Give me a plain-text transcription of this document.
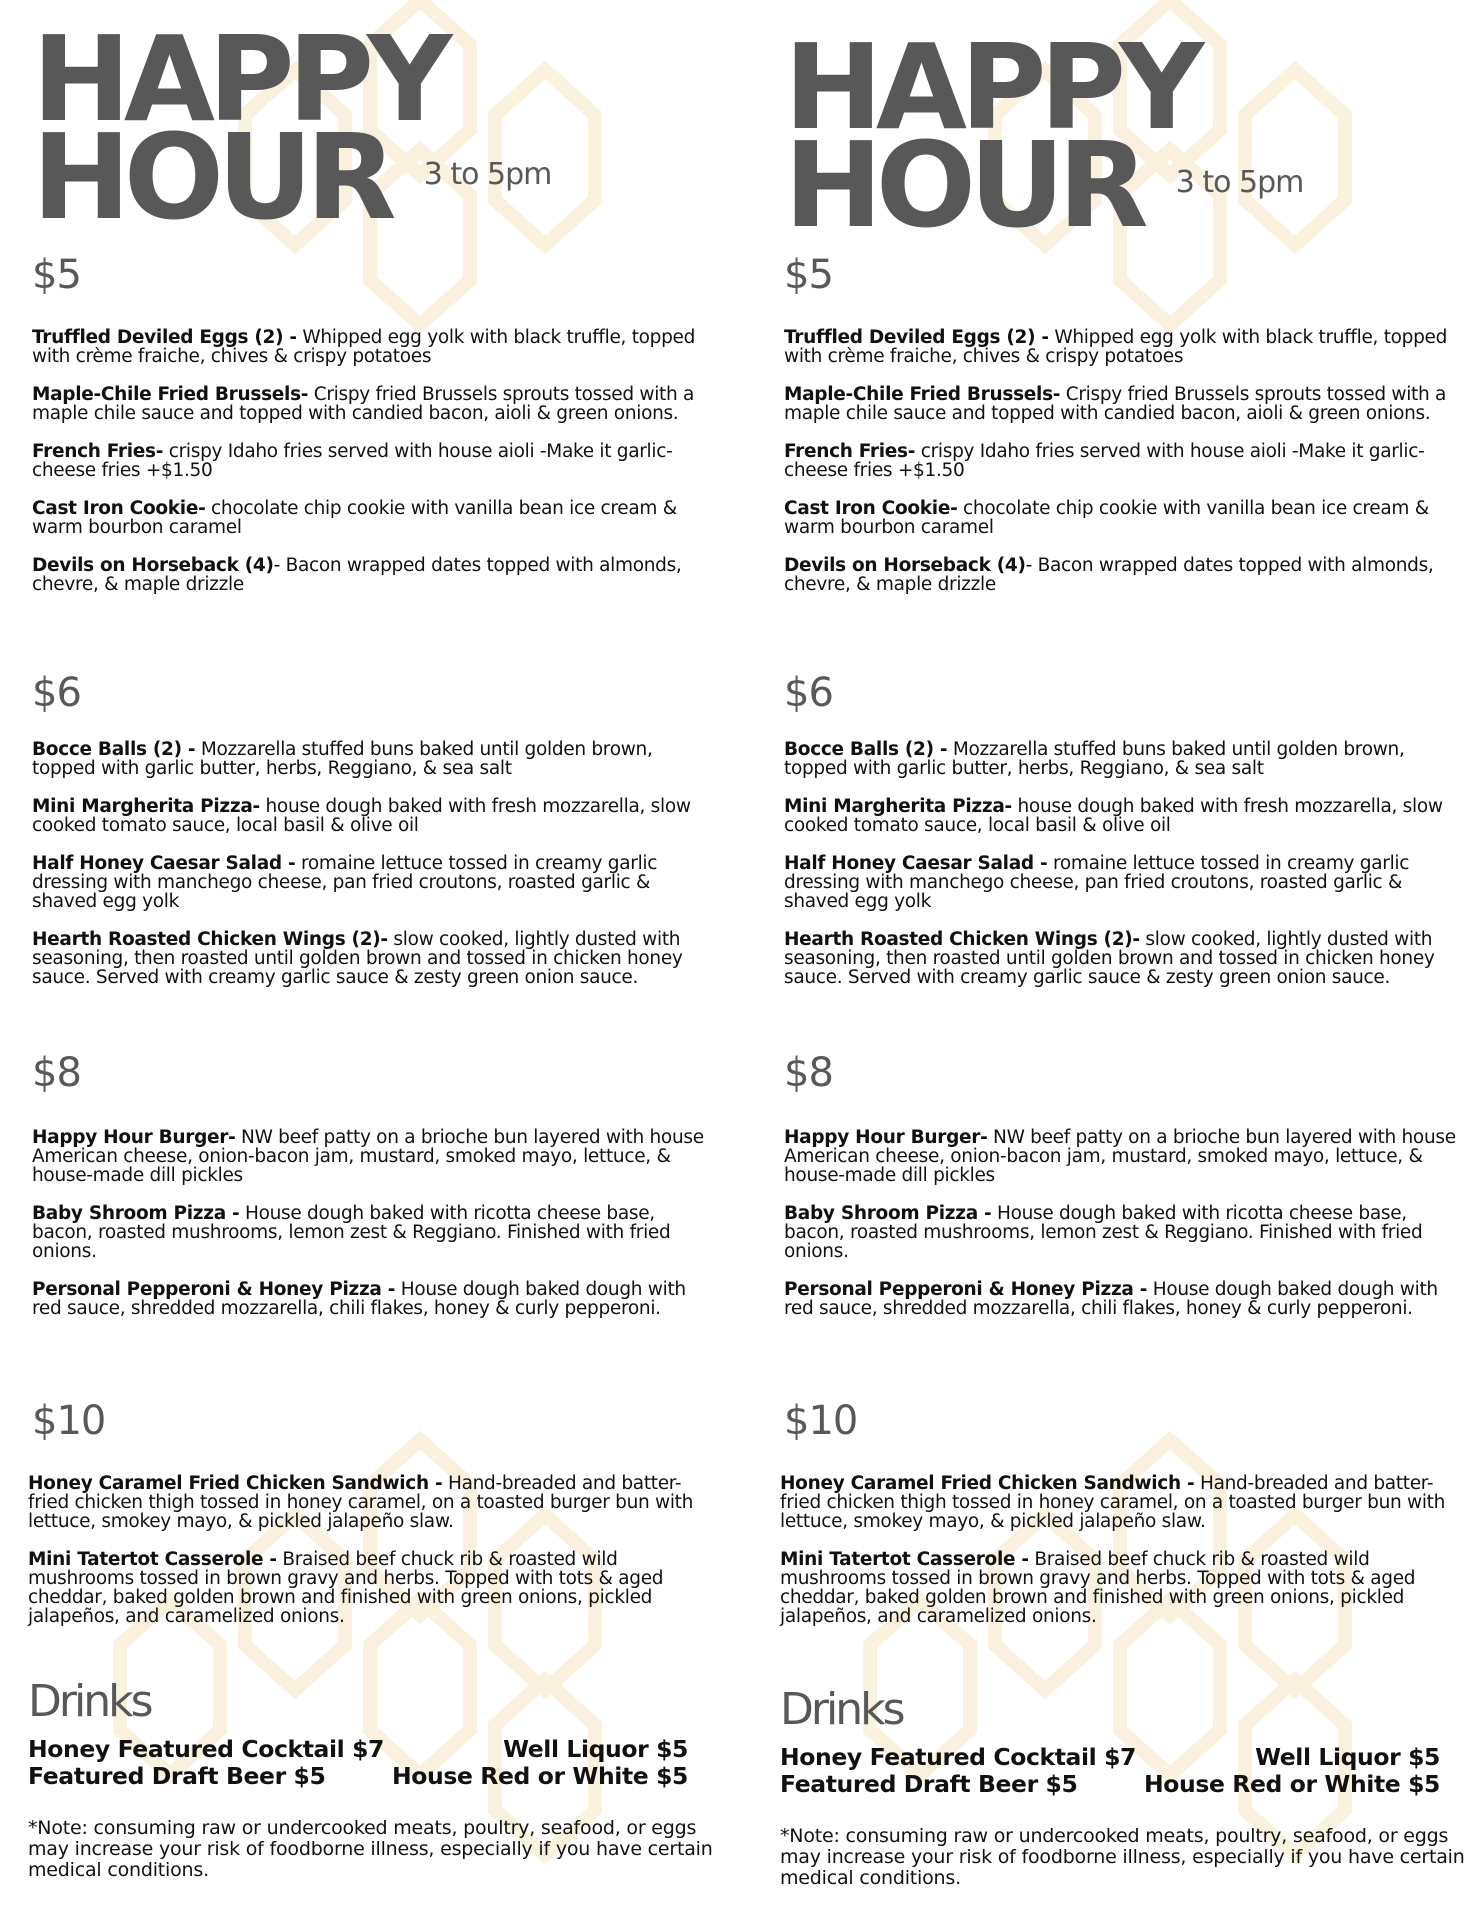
HAPPY
HOUR 3 to 5pm
$5

Truffled Deviled Eggs (2) - Whipped egg yolk with black truffle, topped with crème fraiche, chives & crispy potatoes

Maple-Chile Fried Brussels- Crispy fried Brussels sprouts tossed with a maple chile sauce and topped with candied bacon, aioli & green onions.

French Fries- crispy Idaho fries served with house aioli -Make it garlic-cheese fries +$1.50

Cast Iron Cookie- chocolate chip cookie with vanilla bean ice cream & warm bourbon caramel

Devils on Horseback (4)- Bacon wrapped dates topped with almonds, chevre, & maple drizzle

$6

Bocce Balls (2) - Mozzarella stuffed buns baked until golden brown, topped with garlic butter, herbs, Reggiano, & sea salt

Mini Margherita Pizza- house dough baked with fresh mozzarella, slow cooked tomato sauce, local basil & olive oil

Half Honey Caesar Salad - romaine lettuce tossed in creamy garlic dressing with manchego cheese, pan fried croutons, roasted garlic & shaved egg yolk

Hearth Roasted Chicken Wings (2)- slow cooked, lightly dusted with seasoning, then roasted until golden brown and tossed in chicken honey sauce. Served with creamy garlic sauce & zesty green onion sauce.

$8

Happy Hour Burger- NW beef patty on a brioche bun layered with house American cheese, onion-bacon jam, mustard, smoked mayo, lettuce, & house-made dill pickles

Baby Shroom Pizza - House dough baked with ricotta cheese base, bacon, roasted mushrooms, lemon zest & Reggiano. Finished with fried onions.

Personal Pepperoni & Honey Pizza - House dough baked dough with red sauce, shredded mozzarella, chili flakes, honey & curly pepperoni.

$10

Honey Caramel Fried Chicken Sandwich - Hand-breaded and batter-fried chicken thigh tossed in honey caramel, on a toasted burger bun with lettuce, smokey mayo, & pickled jalapeño slaw.

Mini Tatertot Casserole - Braised beef chuck rib & roasted wild mushrooms tossed in brown gravy and herbs. Topped with tots & aged cheddar, baked golden brown and finished with green onions, pickled jalapeños, and caramelized onions.

Drinks
Honey Featured Cocktail $7	Well Liquor $5
Featured Draft Beer $5	House Red or White $5
*Note: consuming raw or undercooked meats, poultry, seafood, or eggs may increase your risk of foodborne illness, especially if you have certain medical conditions.
HAPPY
HOUR 3 to 5pm
$5

Truffled Deviled Eggs (2) - Whipped egg yolk with black truffle, topped with crème fraiche, chives & crispy potatoes

Maple-Chile Fried Brussels- Crispy fried Brussels sprouts tossed with a maple chile sauce and topped with candied bacon, aioli & green onions.

French Fries- crispy Idaho fries served with house aioli -Make it garlic-cheese fries +$1.50

Cast Iron Cookie- chocolate chip cookie with vanilla bean ice cream & warm bourbon caramel

Devils on Horseback (4)- Bacon wrapped dates topped with almonds, chevre, & maple drizzle

$6

Bocce Balls (2) - Mozzarella stuffed buns baked until golden brown, topped with garlic butter, herbs, Reggiano, & sea salt

Mini Margherita Pizza- house dough baked with fresh mozzarella, slow cooked tomato sauce, local basil & olive oil

Half Honey Caesar Salad - romaine lettuce tossed in creamy garlic dressing with manchego cheese, pan fried croutons, roasted garlic & shaved egg yolk

Hearth Roasted Chicken Wings (2)- slow cooked, lightly dusted with seasoning, then roasted until golden brown and tossed in chicken honey sauce. Served with creamy garlic sauce & zesty green onion sauce.

$8

Happy Hour Burger- NW beef patty on a brioche bun layered with house American cheese, onion-bacon jam, mustard, smoked mayo, lettuce, & house-made dill pickles

Baby Shroom Pizza - House dough baked with ricotta cheese base, bacon, roasted mushrooms, lemon zest & Reggiano. Finished with fried onions.

Personal Pepperoni & Honey Pizza - House dough baked dough with red sauce, shredded mozzarella, chili flakes, honey & curly pepperoni.

$10

Honey Caramel Fried Chicken Sandwich - Hand-breaded and batter-fried chicken thigh tossed in honey caramel, on a toasted burger bun with lettuce, smokey mayo, & pickled jalapeño slaw.

Mini Tatertot Casserole - Braised beef chuck rib & roasted wild mushrooms tossed in brown gravy and herbs. Topped with tots & aged cheddar, baked golden brown and finished with green onions, pickled jalapeños, and caramelized onions.

Drinks
Honey Featured Cocktail $7	Well Liquor $5
Featured Draft Beer $5	House Red or White $5
*Note: consuming raw or undercooked meats, poultry, seafood, or eggs may increase your risk of foodborne illness, especially if you have certain medical conditions.
